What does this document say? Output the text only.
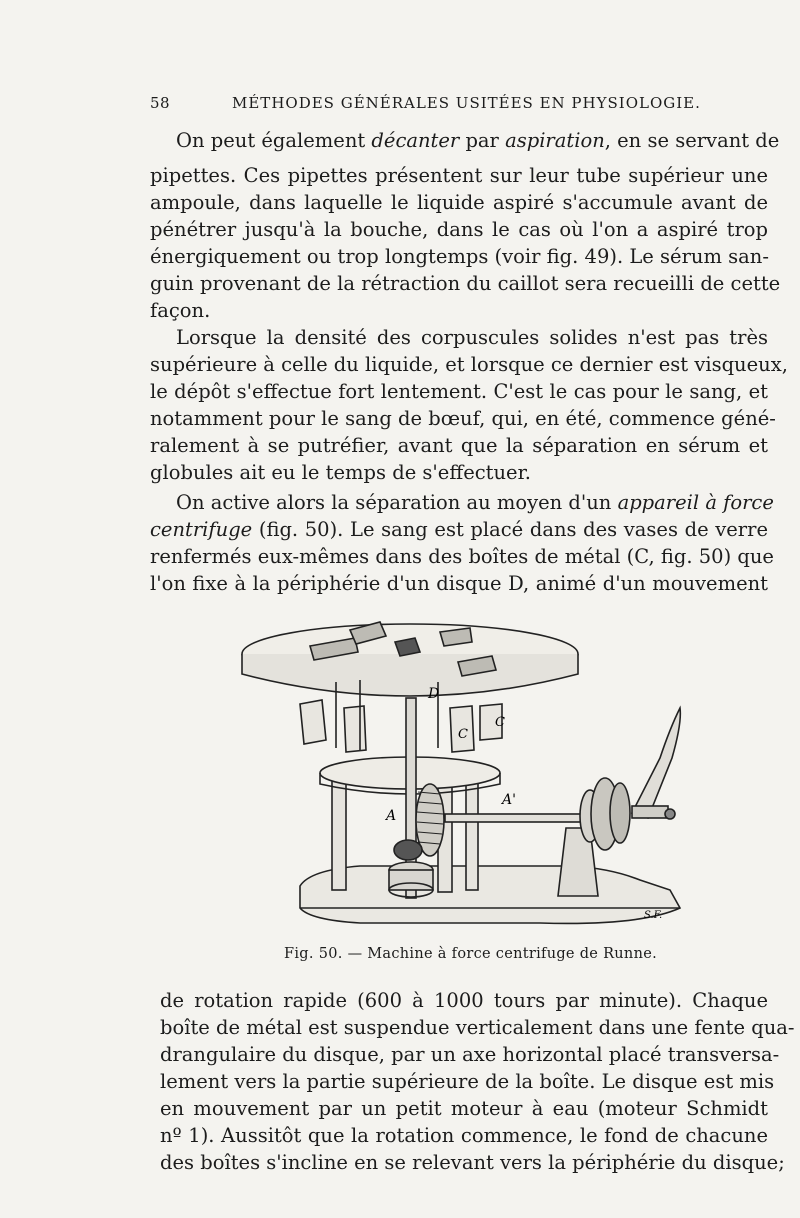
58	MÉTHODES GÉNÉRALES USITÉES EN PHYSIOLOGIE.
On peut également décanter par aspiration, en se servant de
pipettes. Ces pipettes présentent sur leur tube supérieur une
ampoule, dans laquelle le liquide aspiré s'accumule avant de
pénétrer jusqu'à la bouche, dans le cas où l'on a aspiré trop
énergiquement ou trop longtemps (voir fig. 49). Le sérum san-
guin provenant de la rétraction du caillot sera recueilli de cette
façon.
Lorsque la densité des corpuscules solides n'est pas très
supérieure à celle du liquide, et lorsque ce dernier est visqueux,
le dépôt s'effectue fort lentement. C'est le cas pour le sang, et
notamment pour le sang de bœuf, qui, en été, commence géné-
ralement à se putréfier, avant que la séparation en sérum et
globules ait eu le temps de s'effectuer.
On active alors la séparation au moyen d'un appareil à force
centrifuge (fig. 50). Le sang est placé dans des vases de verre
renfermés eux-mêmes dans des boîtes de métal (C, fig. 50) que
l'on fixe à la périphérie d'un disque D, animé d'un mouvement
D
C
C
A
A'
S.F.
Fig. 50. — Machine à force centrifuge de Runne.
de rotation rapide (600 à 1000 tours par minute). Chaque
boîte de métal est suspendue verticalement dans une fente qua-
drangulaire du disque, par un axe horizontal placé transversa-
lement vers la partie supérieure de la boîte. Le disque est mis
en mouvement par un petit moteur à eau (moteur Schmidt
nº 1). Aussitôt que la rotation commence, le fond de chacune
des boîtes s'incline en se relevant vers la périphérie du disque;
